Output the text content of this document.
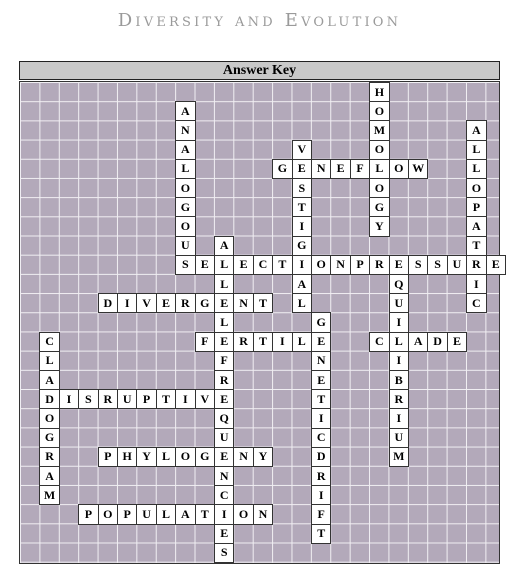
Diversity and Evolution
Answer Key
H
O
M
O
L
O
G
Y
A
N
A
L
O
G
O
U
S
A
L
L
O
P
A
T
R
I
C
V
E
S
T
I
G
I
A
L
G	N E F	O W
A
L
L
E
L
E
F
R
E
Q
U
E
N
C
I
E
S
E	E C T	O N P R E	S	S U	E
Q
U
I
L
I
B
R
I
U
M
D	I	V E R G	N T
G
E
N
E
T
I
C
D
R
I
F
T
C
L
A
D
O
G
R
A
M
F	R T	I	L	C	A D E
I	S R U P T	I	V
P H Y L O G	N Y
P O P U L A T	O N
